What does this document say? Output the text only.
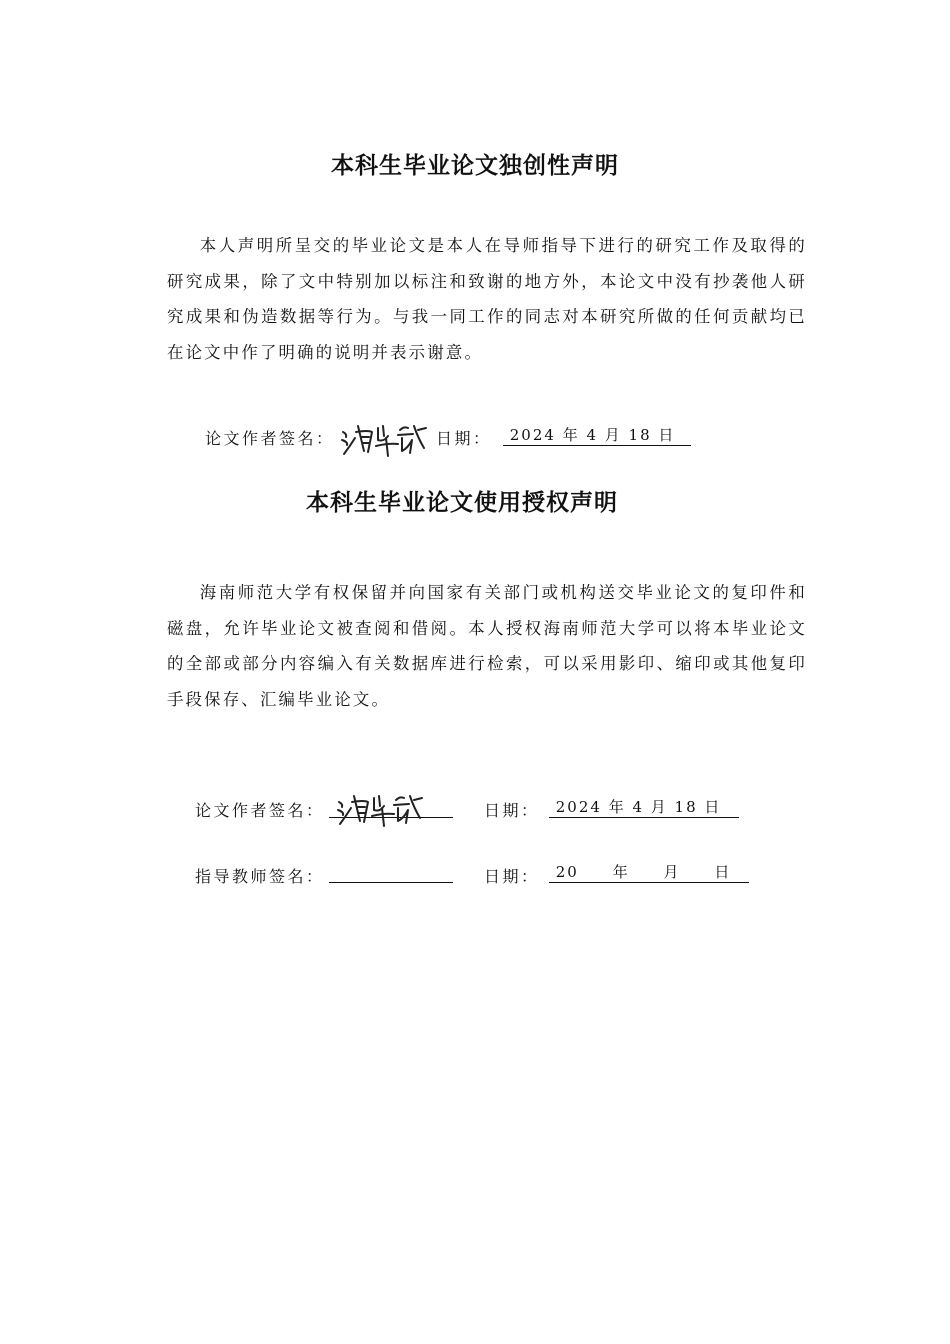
本科生毕业论文独创性声明

本人声明所呈交的毕业论文是本人在导师指导下进行的研究工作及取得的研究成果，除了文中特别加以标注和致谢的地方外，本论文中没有抄袭他人研究成果和伪造数据等行为。与我一同工作的同志对本研究所做的任何贡献均已在论文中作了明确的说明并表示谢意。

论文作者签名：	日期： 2024 年 4 月 18 日
本科生毕业论文使用授权声明

海南师范大学有权保留并向国家有关部门或机构送交毕业论文的复印件和磁盘，允许毕业论文被查阅和借阅。本人授权海南师范大学可以将本毕业论文的全部或部分内容编入有关数据库进行检索，可以采用影印、缩印或其他复印手段保存、汇编毕业论文。

论文作者签名：	日期： 2024 年 4 月 18 日
指导教师签名：	日期： 20     年     月     日
